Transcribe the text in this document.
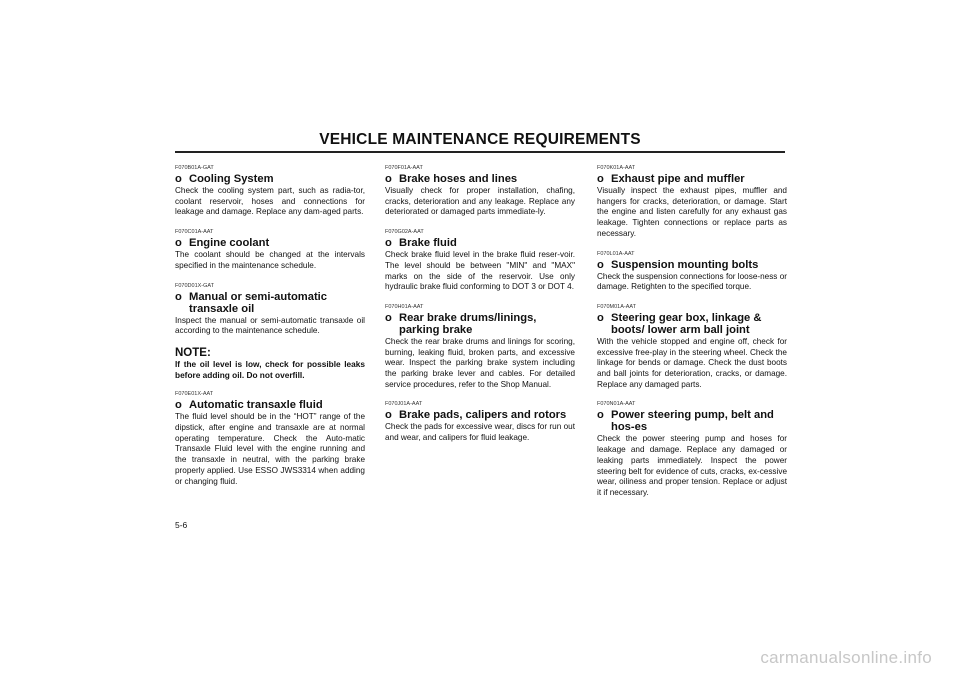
VEHICLE MAINTENANCE REQUIREMENTS
F070B01A-GAT
o Cooling System
Check the cooling system part, such as radia-tor, coolant reservoir, hoses and connections for leakage and damage. Replace any dam-aged parts.
F070C01A-AAT
o Engine coolant
The coolant should be changed at the intervals specified in the maintenance schedule.
F070D01X-GAT
o Manual or semi-automatic transaxle oil
Inspect the manual or semi-automatic transaxle oil according to the maintenance schedule.
NOTE:
If the oil level is low, check for possible leaks before adding oil. Do not overfill.
F070E01X-AAT
o Automatic transaxle fluid
The fluid level should be in the “HOT” range of the dipstick, after engine and transaxle are at normal operating temperature. Check the Auto-matic Transaxle Fluid level with the engine running and the transaxle in neutral, with the parking brake properly applied. Use ESSO JWS3314 when adding or changing fluid.
F070F01A-AAT
o Brake hoses and lines
Visually check for proper installation, chafing, cracks, deterioration and any leakage. Replace any deteriorated or damaged parts immediate-ly.
F070G02A-AAT
o Brake fluid
Check brake fluid level in the brake fluid reser-voir. The level should be between "MIN" and "MAX" marks on the side of the reservoir. Use only hydraulic brake fluid conforming to DOT 3 or DOT 4.
F070H01A-AAT
o Rear brake drums/linings, parking brake
Check the rear brake drums and linings for scoring, burning, leaking fluid, broken parts, and excessive wear. Inspect the parking brake system including the parking brake lever and cables. For detailed service procedures, refer to the Shop Manual.
F070J01A-AAT
o Brake pads, calipers and rotors
Check the pads for excessive wear, discs for run out and wear, and calipers for fluid leakage.
F070K01A-AAT
o Exhaust pipe and muffler
Visually inspect the exhaust pipes, muffler and hangers for cracks, deterioration, or damage. Start the engine and listen carefully for any exhaust gas leakage. Tighten connections or replace parts as necessary.
F070L01A-AAT
o Suspension mounting bolts
Check the suspension connections for loose-ness or damage. Retighten to the specified torque.
F070M01A-AAT
o Steering gear box, linkage & boots/ lower arm ball joint
With the vehicle stopped and engine off, check for excessive free-play in the steering wheel. Check the linkage for bends or damage. Check the dust boots and ball joints for deterioration, cracks, or damage. Replace any damaged parts.
F070N01A-AAT
o Power steering pump, belt and hos-es
Check the power steering pump and hoses for leakage and damage. Replace any damaged or leaking parts immediately. Inspect the power steering belt for evidence of cuts, cracks, ex-cessive wear, oiliness and proper tension. Replace or adjust it if necessary.
5-6
carmanualsonline.info
